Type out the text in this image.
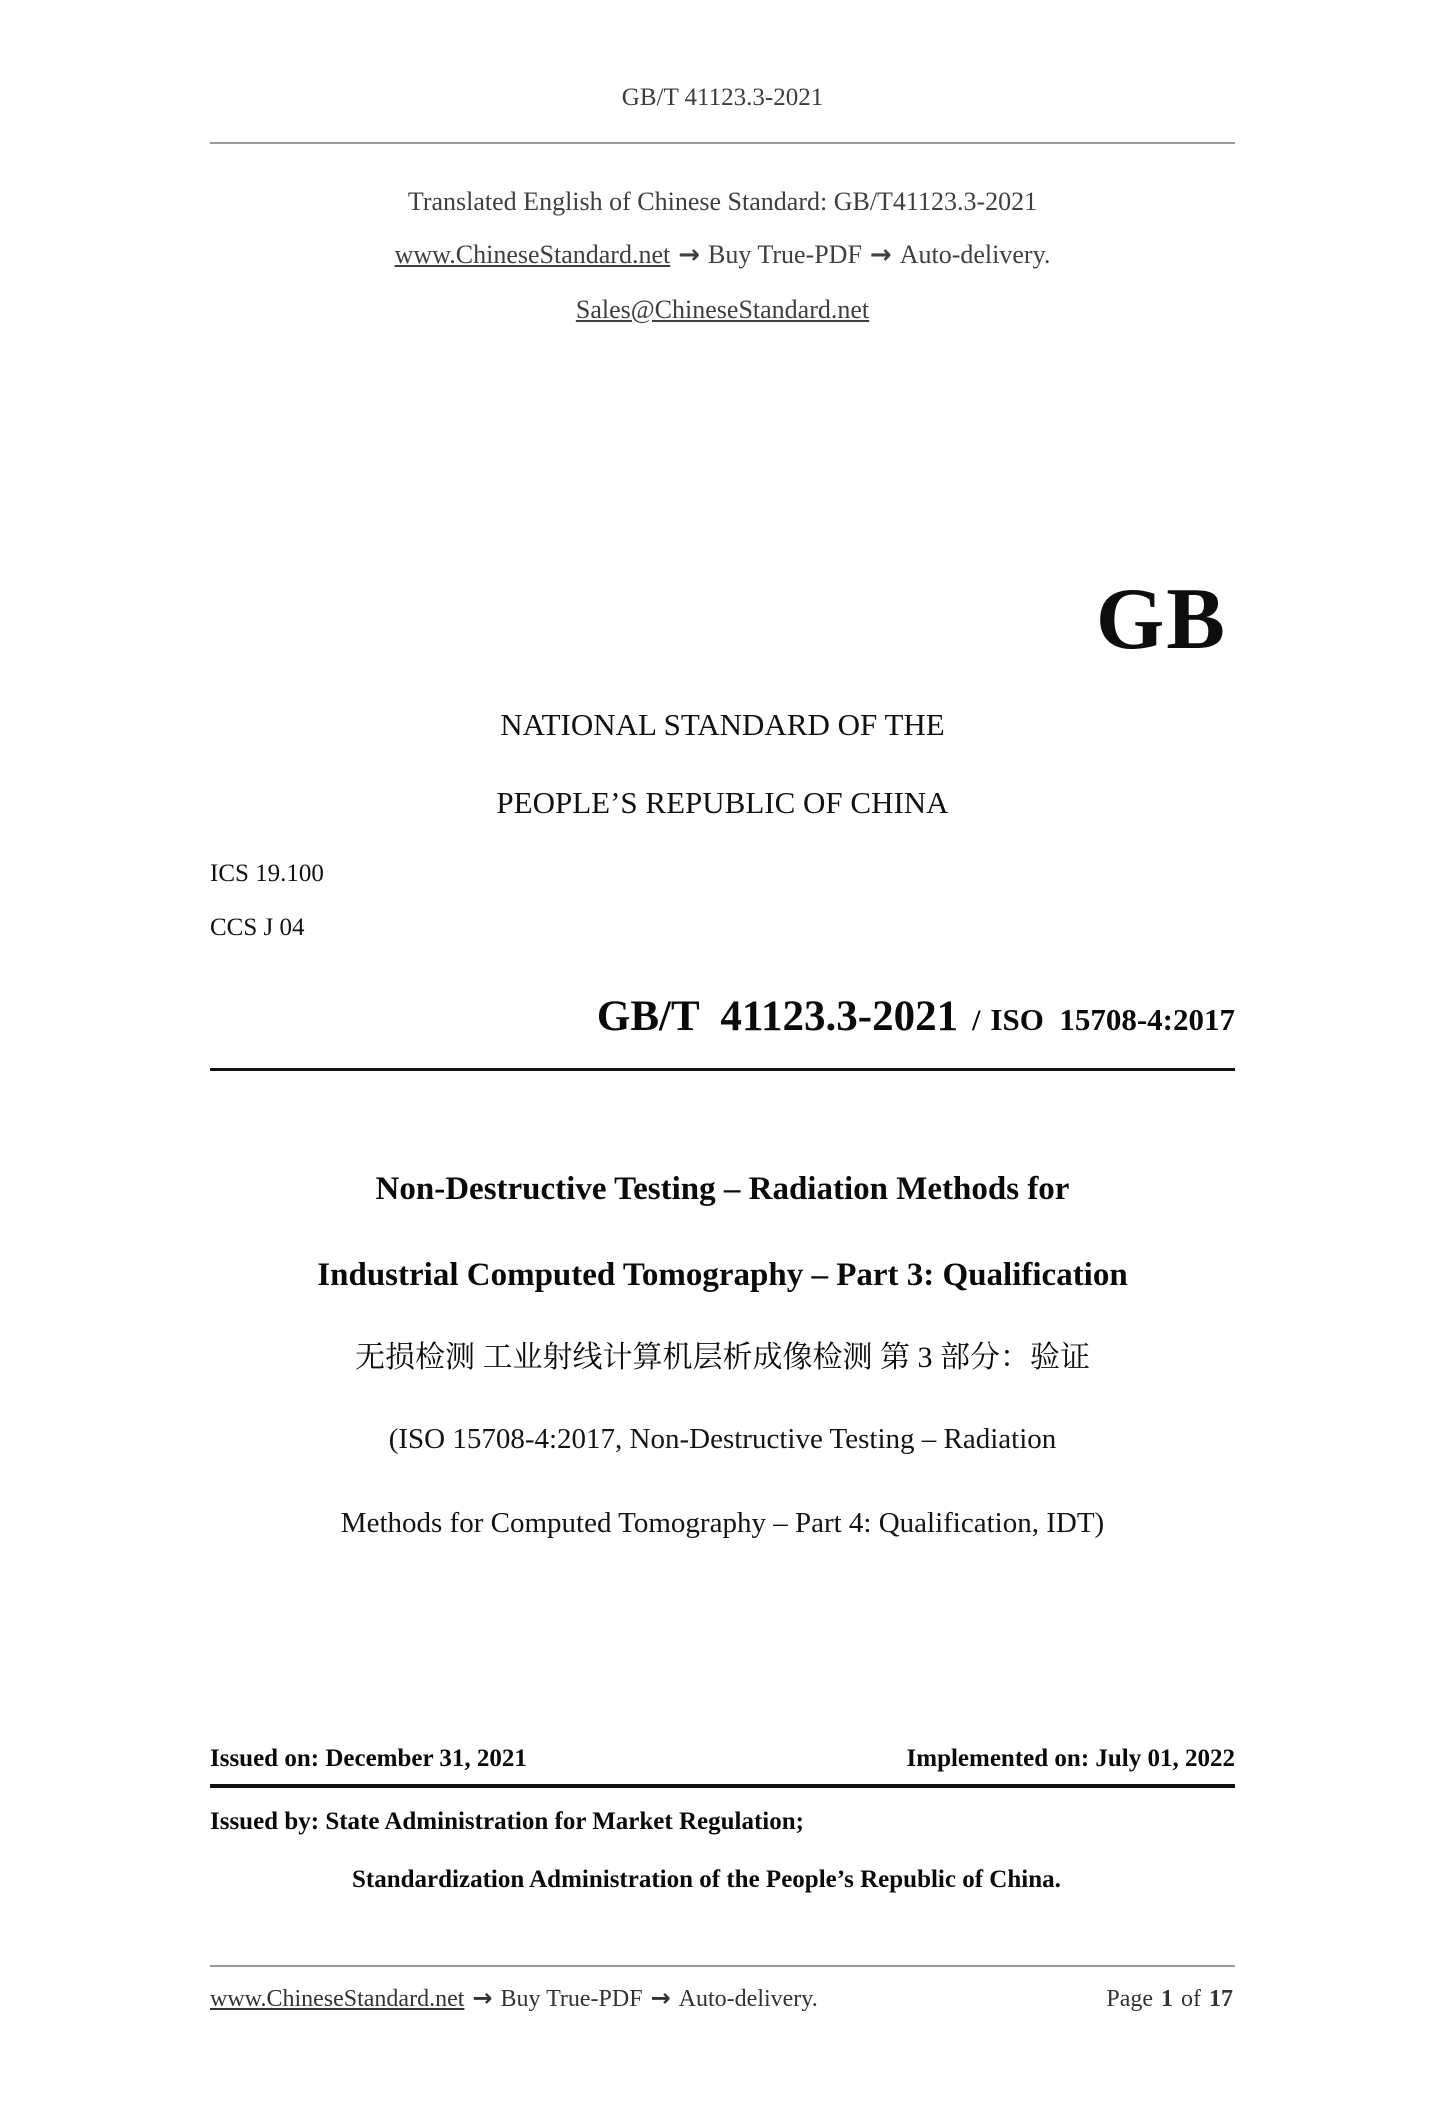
GB/T 41123.3-2021
Translated English of Chinese Standard: GB/T41123.3-2021
www.ChineseStandard.net → Buy True-PDF → Auto-delivery.
Sales@ChineseStandard.net
GB
NATIONAL STANDARD OF THE
PEOPLE’S REPUBLIC OF CHINA
ICS 19.100
CCS J 04

GB/T  41123.3-2021 / ISO  15708-4:2017

Non-Destructive Testing – Radiation Methods for
Industrial Computed Tomography – Part 3: Qualification
无损检测 工业射线计算机层析成像检测 第 3 部分：验证
(ISO 15708-4:2017, Non-Destructive Testing – Radiation
Methods for Computed Tomography – Part 4: Qualification, IDT)
Issued on: December 31, 2021	Implemented on: July 01, 2022
Issued by: State Administration for Market Regulation;
Standardization Administration of the People’s Republic of China.
www.ChineseStandard.net → Buy True-PDF → Auto-delivery.	Page 1 of 17
